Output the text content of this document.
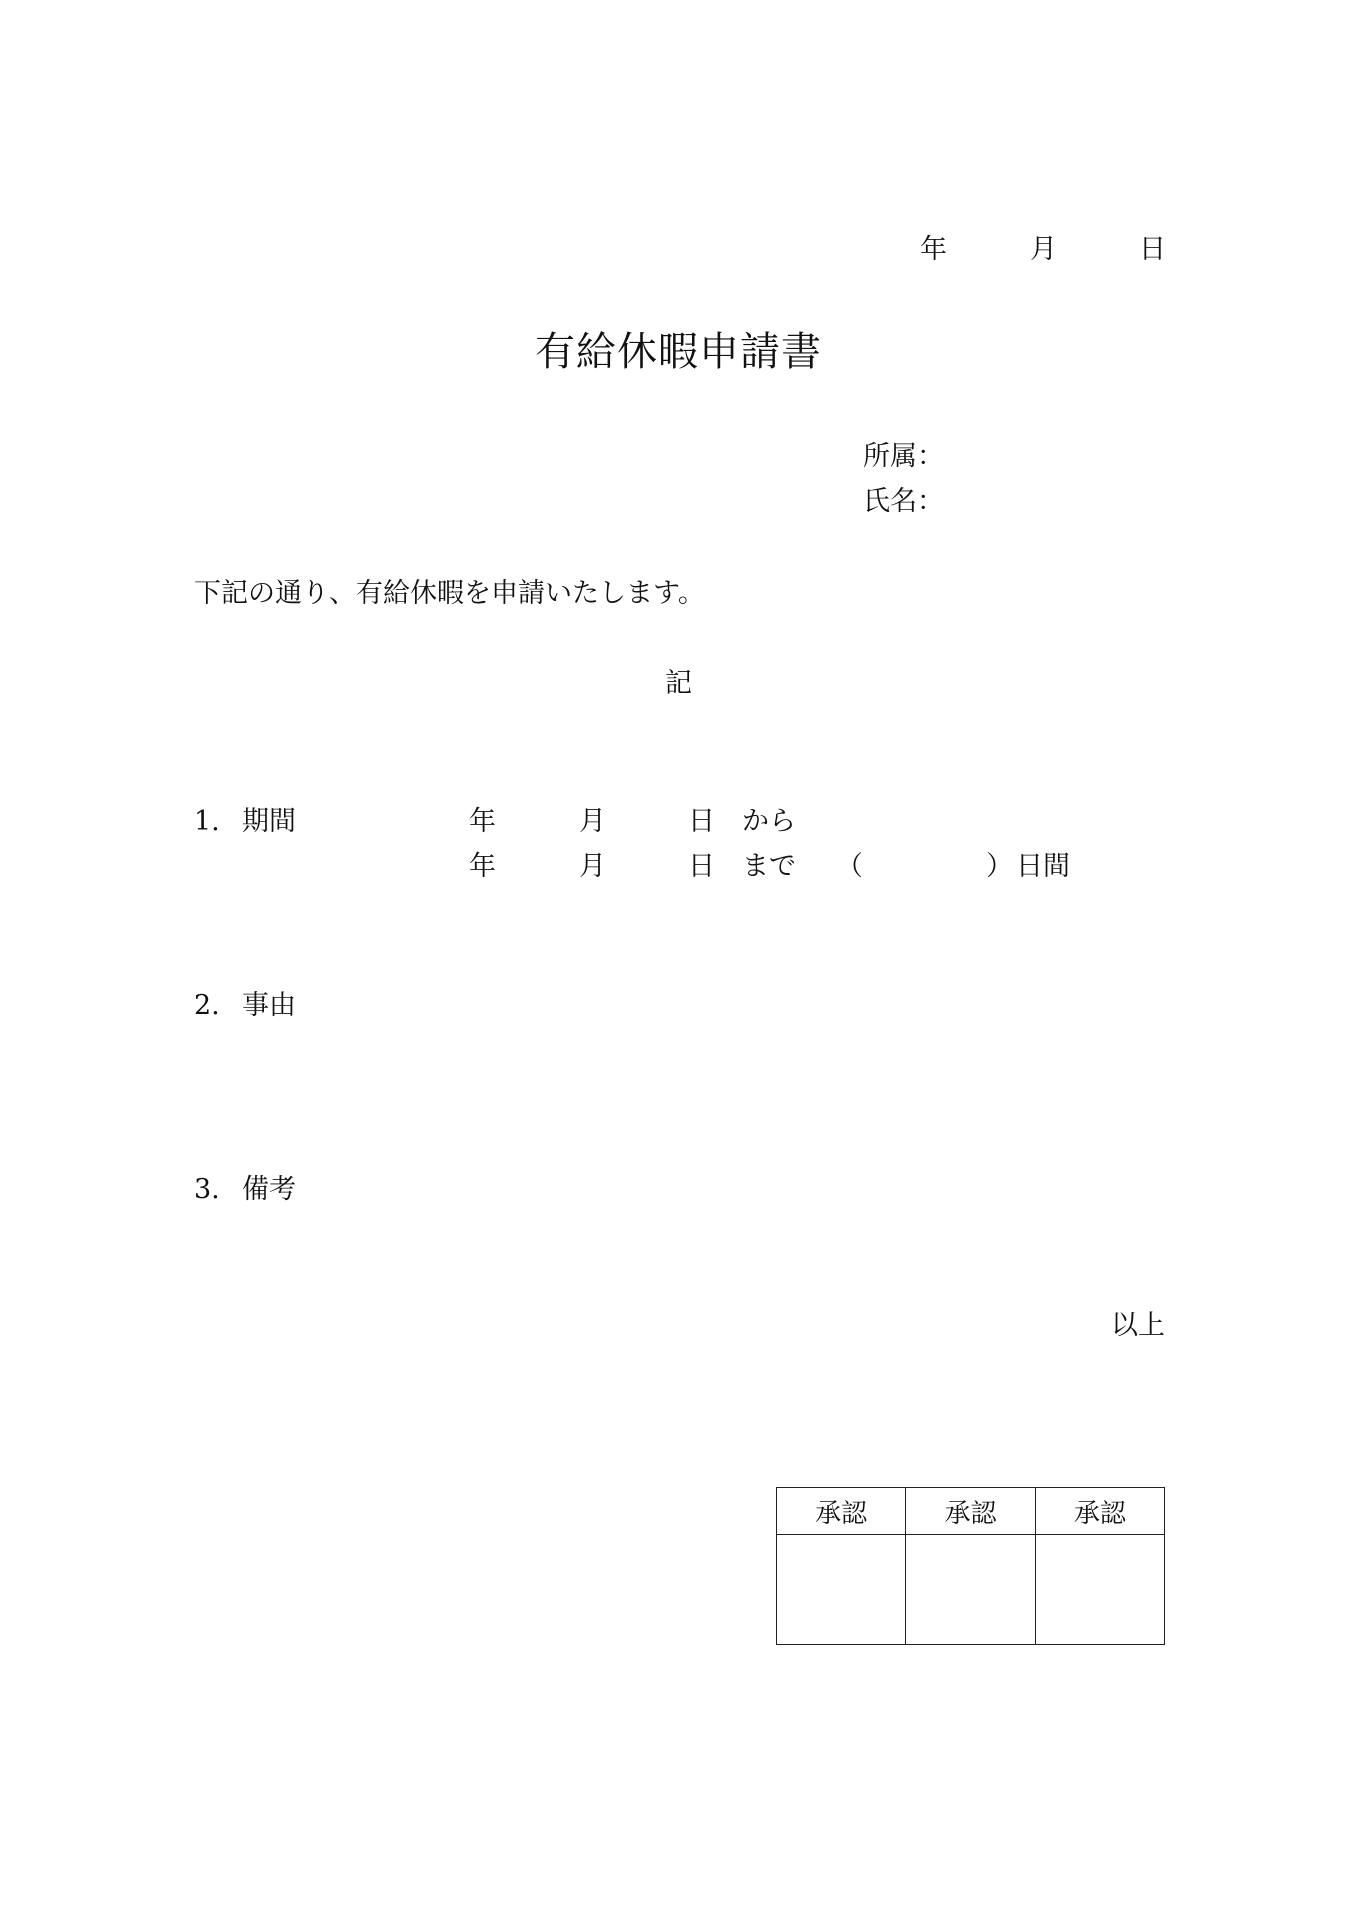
年	月	日
有給休暇申請書
所属：
氏名：
下記の通り、有給休暇を申請いたします。
記
1. 期間	年	月	日 から
年	月	日 まで （	） 日間
2. 事由
3. 備考
以上
承認	承認	承認
